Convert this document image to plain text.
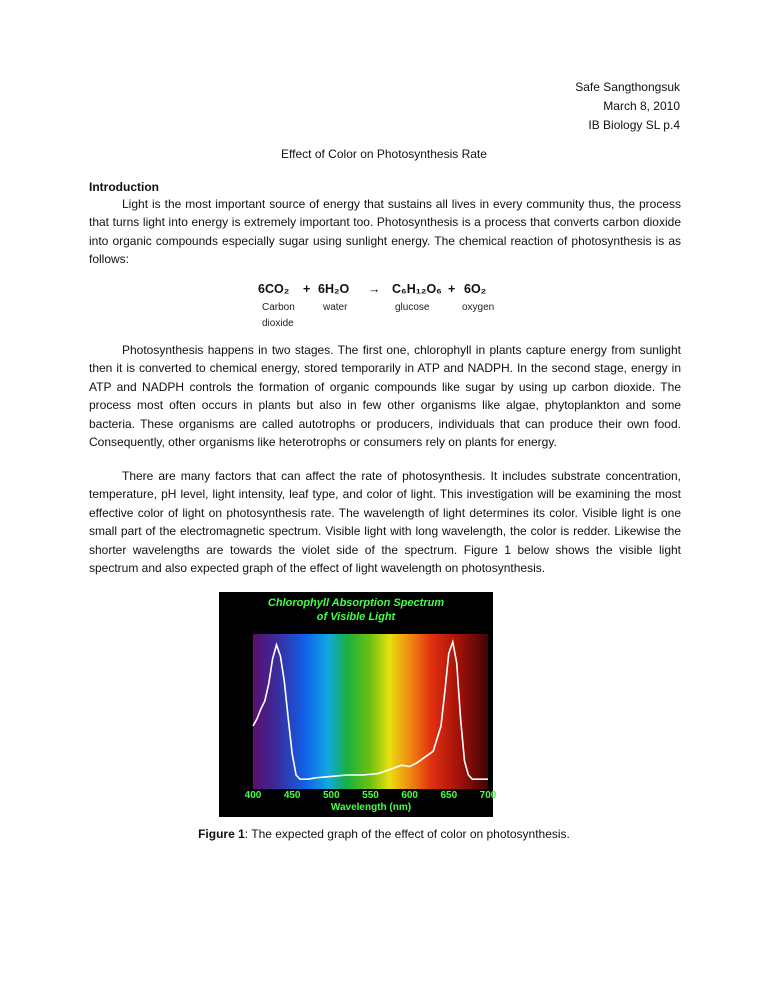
Safe Sangthongsuk
March 8, 2010
IB Biology SL p.4
Effect of Color on Photosynthesis Rate
Introduction
Light is the most important source of energy that sustains all lives in every community thus, the process that turns light into energy is extremely important too. Photosynthesis is a process that converts carbon dioxide into organic compounds especially sugar using sunlight energy. The chemical reaction of photosynthesis is as follows:
6CO₂ + 6H₂O → C₆H₁₂O₆ + 6O₂
Carbon
dioxide
water	glucose	oxygen
Photosynthesis happens in two stages. The first one, chlorophyll in plants capture energy from sunlight then it is converted to chemical energy, stored temporarily in ATP and NADPH. In the second stage, energy in ATP and NADPH controls the formation of organic compounds like sugar by using up carbon dioxide. The process most often occurs in plants but also in few other organisms like algae, phytoplankton and some bacteria. These organisms are called autotrophs or producers, individuals that can produce their own food. Consequently, other organisms like heterotrophs or consumers rely on plants for energy.
There are many factors that can affect the rate of photosynthesis. It includes substrate concentration, temperature, pH level, light intensity, leaf type, and color of light. This investigation will be examining the most effective color of light on photosynthesis rate. The wavelength of light determines its color. Visible light is one small part of the electromagnetic spectrum. Visible light with long wavelength, the color is redder. Likewise the shorter wavelengths are towards the violet side of the spectrum. Figure 1 below shows the visible light spectrum and also expected graph of the effect of light wavelength on photosynthesis.
Chlorophyll Absorption Spectrum
of Visible Light
400 450 500 550 600 650 700
Wavelength (nm)
Figure 1: The expected graph of the effect of color on photosynthesis.
